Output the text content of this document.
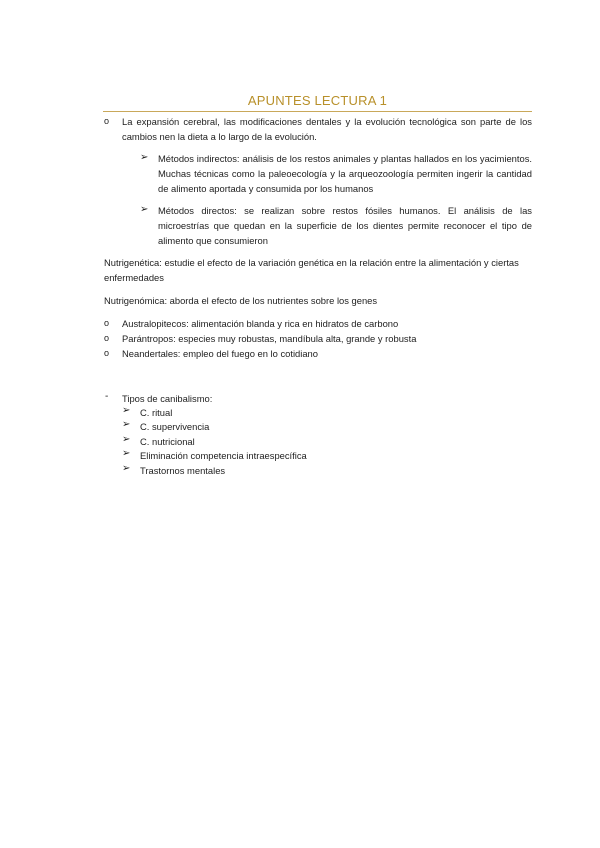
APUNTES LECTURA 1
o La expansión cerebral, las modificaciones dentales y la evolución tecnológica son parte de los cambios nen la dieta a lo largo de la evolución.
➢ Métodos indirectos: análisis de los restos animales y plantas hallados en los yacimientos. Muchas técnicas como la paleoecología y la arqueozoología permiten ingerir la cantidad de alimento aportada y consumida por los humanos
➢ Métodos directos: se realizan sobre restos fósiles humanos. El análisis de las microestrías que quedan en la superficie de los dientes permite reconocer el tipo de alimento que consumieron
Nutrigenética: estudie el efecto de la variación genética en la relación entre la alimentación y ciertas enfermedades
Nutrigenómica: aborda el efecto de los nutrientes sobre los genes
o Australopitecos: alimentación blanda y rica en hidratos de carbono
o Parántropos: especies muy robustas, mandíbula alta, grande y robusta
o Neandertales: empleo del fuego en lo cotidiano
- Tipos de canibalismo:
➢ C. ritual
➢ C. supervivencia
➢ C. nutricional
➢ Eliminación competencia intraespecífica
➢ Trastornos mentales
